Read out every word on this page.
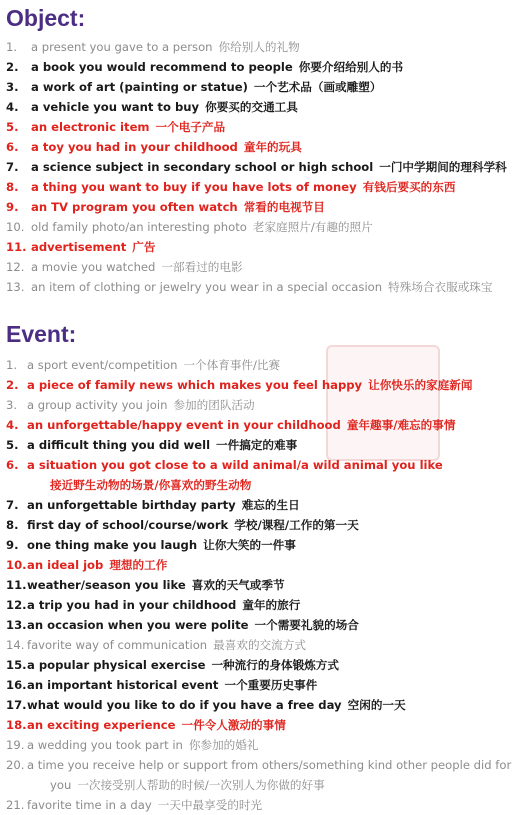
Object:
1. a present you gave to a person 你给别人的礼物
2. a book you would recommend to people 你要介绍给别人的书
3. a work of art (painting or statue) 一个艺术品（画或雕塑）
4. a vehicle you want to buy 你要买的交通工具
5. an electronic item 一个电子产品
6. a toy you had in your childhood 童年的玩具
7. a science subject in secondary school or high school 一门中学期间的理科学科
8. a thing you want to buy if you have lots of money 有钱后要买的东西
9. an TV program you often watch 常看的电视节目
10. old family photo/an interesting photo 老家庭照片/有趣的照片
11. advertisement 广告
12. a movie you watched 一部看过的电影
13. an item of clothing or jewelry you wear in a special occasion 特殊场合衣服或珠宝
Event:
1. a sport event/competition 一个体育事件/比赛
2. a piece of family news which makes you feel happy 让你快乐的家庭新闻
3. a group activity you join 参加的团队活动
4. an unforgettable/happy event in your childhood 童年趣事/难忘的事情
5. a difficult thing you did well 一件搞定的难事
6. a situation you got close to a wild animal/a wild animal you like
接近野生动物的场景/你喜欢的野生动物
7. an unforgettable birthday party 难忘的生日
8. first day of school/course/work 学校/课程/工作的第一天
9. one thing make you laugh 让你大笑的一件事
10. an ideal job 理想的工作
11. weather/season you like 喜欢的天气或季节
12. a trip you had in your childhood 童年的旅行
13. an occasion when you were polite 一个需要礼貌的场合
14. favorite way of communication 最喜欢的交流方式
15. a popular physical exercise 一种流行的身体锻炼方式
16. an important historical event 一个重要历史事件
17. what would you like to do if you have a free day 空闲的一天
18. an exciting experience 一件令人激动的事情
19. a wedding you took part in 你参加的婚礼
20. a time you receive help or support from others/something kind other people did for
you 一次接受别人帮助的时候/一次别人为你做的好事
21. favorite time in a day 一天中最享受的时光
